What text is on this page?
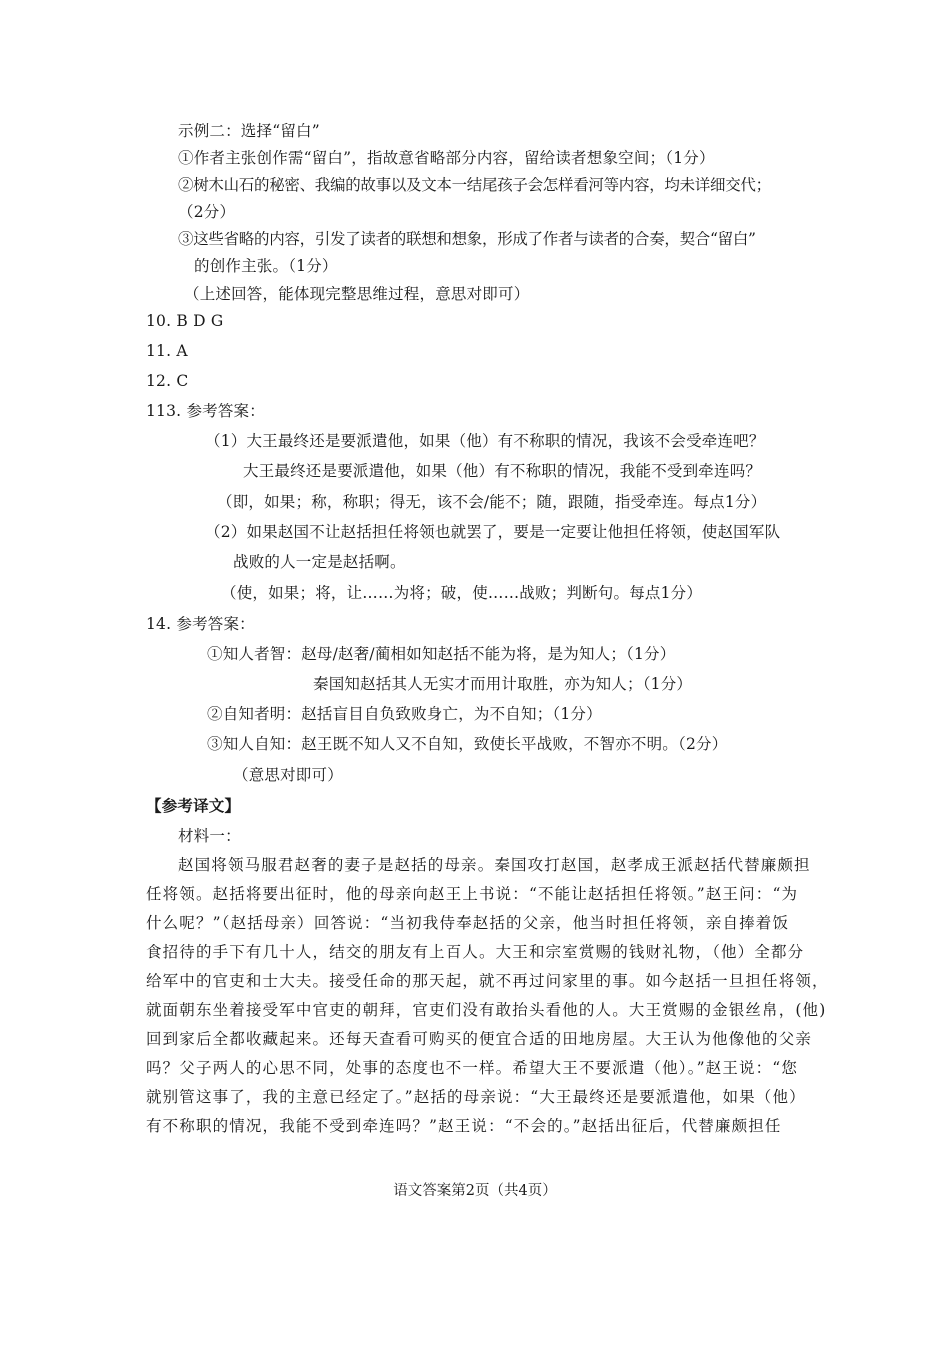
示例二：选择“留白”
①作者主张创作需“留白”，指故意省略部分内容，留给读者想象空间；（1分）
②树木山石的秘密、我编的故事以及文本一结尾孩子会怎样看河等内容，均未详细交代；
（2分）
③这些省略的内容，引发了读者的联想和想象，形成了作者与读者的合奏，契合“留白”
的创作主张。（1分）
（上述回答，能体现完整思维过程，意思对即可）
10. B D G
11. A
12. C
113. 参考答案：
（1）大王最终还是要派遣他，如果（他）有不称职的情况，我该不会受牵连吧？
大王最终还是要派遣他，如果（他）有不称职的情况，我能不受到牵连吗？
（即，如果；称，称职；得无，该不会/能不；随，跟随，指受牵连。每点1分）
（2）如果赵国不让赵括担任将领也就罢了，要是一定要让他担任将领，使赵国军队
战败的人一定是赵括啊。
（使，如果；将，让……为将；破，使……战败；判断句。每点1分）
14. 参考答案：
①知人者智：赵母/赵奢/蔺相如知赵括不能为将，是为知人；（1分）
秦国知赵括其人无实才而用计取胜，亦为知人；（1分）
②自知者明：赵括盲目自负致败身亡，为不自知；（1分）
③知人自知：赵王既不知人又不自知，致使长平战败，不智亦不明。（2分）
（意思对即可）
【参考译文】
材料一：
赵国将领马服君赵奢的妻子是赵括的母亲。秦国攻打赵国，赵孝成王派赵括代替廉颇担
任将领。赵括将要出征时，他的母亲向赵王上书说：“不能让赵括担任将领。”赵王问：“为
什么呢？”（赵括母亲）回答说：“当初我侍奉赵括的父亲，他当时担任将领，亲自捧着饭
食招待的手下有几十人，结交的朋友有上百人。大王和宗室赏赐的钱财礼物，（他）全都分
给军中的官吏和士大夫。接受任命的那天起，就不再过问家里的事。如今赵括一旦担任将领，
就面朝东坐着接受军中官吏的朝拜，官吏们没有敢抬头看他的人。大王赏赐的金银丝帛，(他)
回到家后全都收藏起来。还每天查看可购买的便宜合适的田地房屋。大王认为他像他的父亲
吗？父子两人的心思不同，处事的态度也不一样。希望大王不要派遣（他）。”赵王说：“您
就别管这事了，我的主意已经定了。”赵括的母亲说：“大王最终还是要派遣他，如果（他）
有不称职的情况，我能不受到牵连吗？”赵王说：“不会的。”赵括出征后，代替廉颇担任
语文答案第2页（共4页）
